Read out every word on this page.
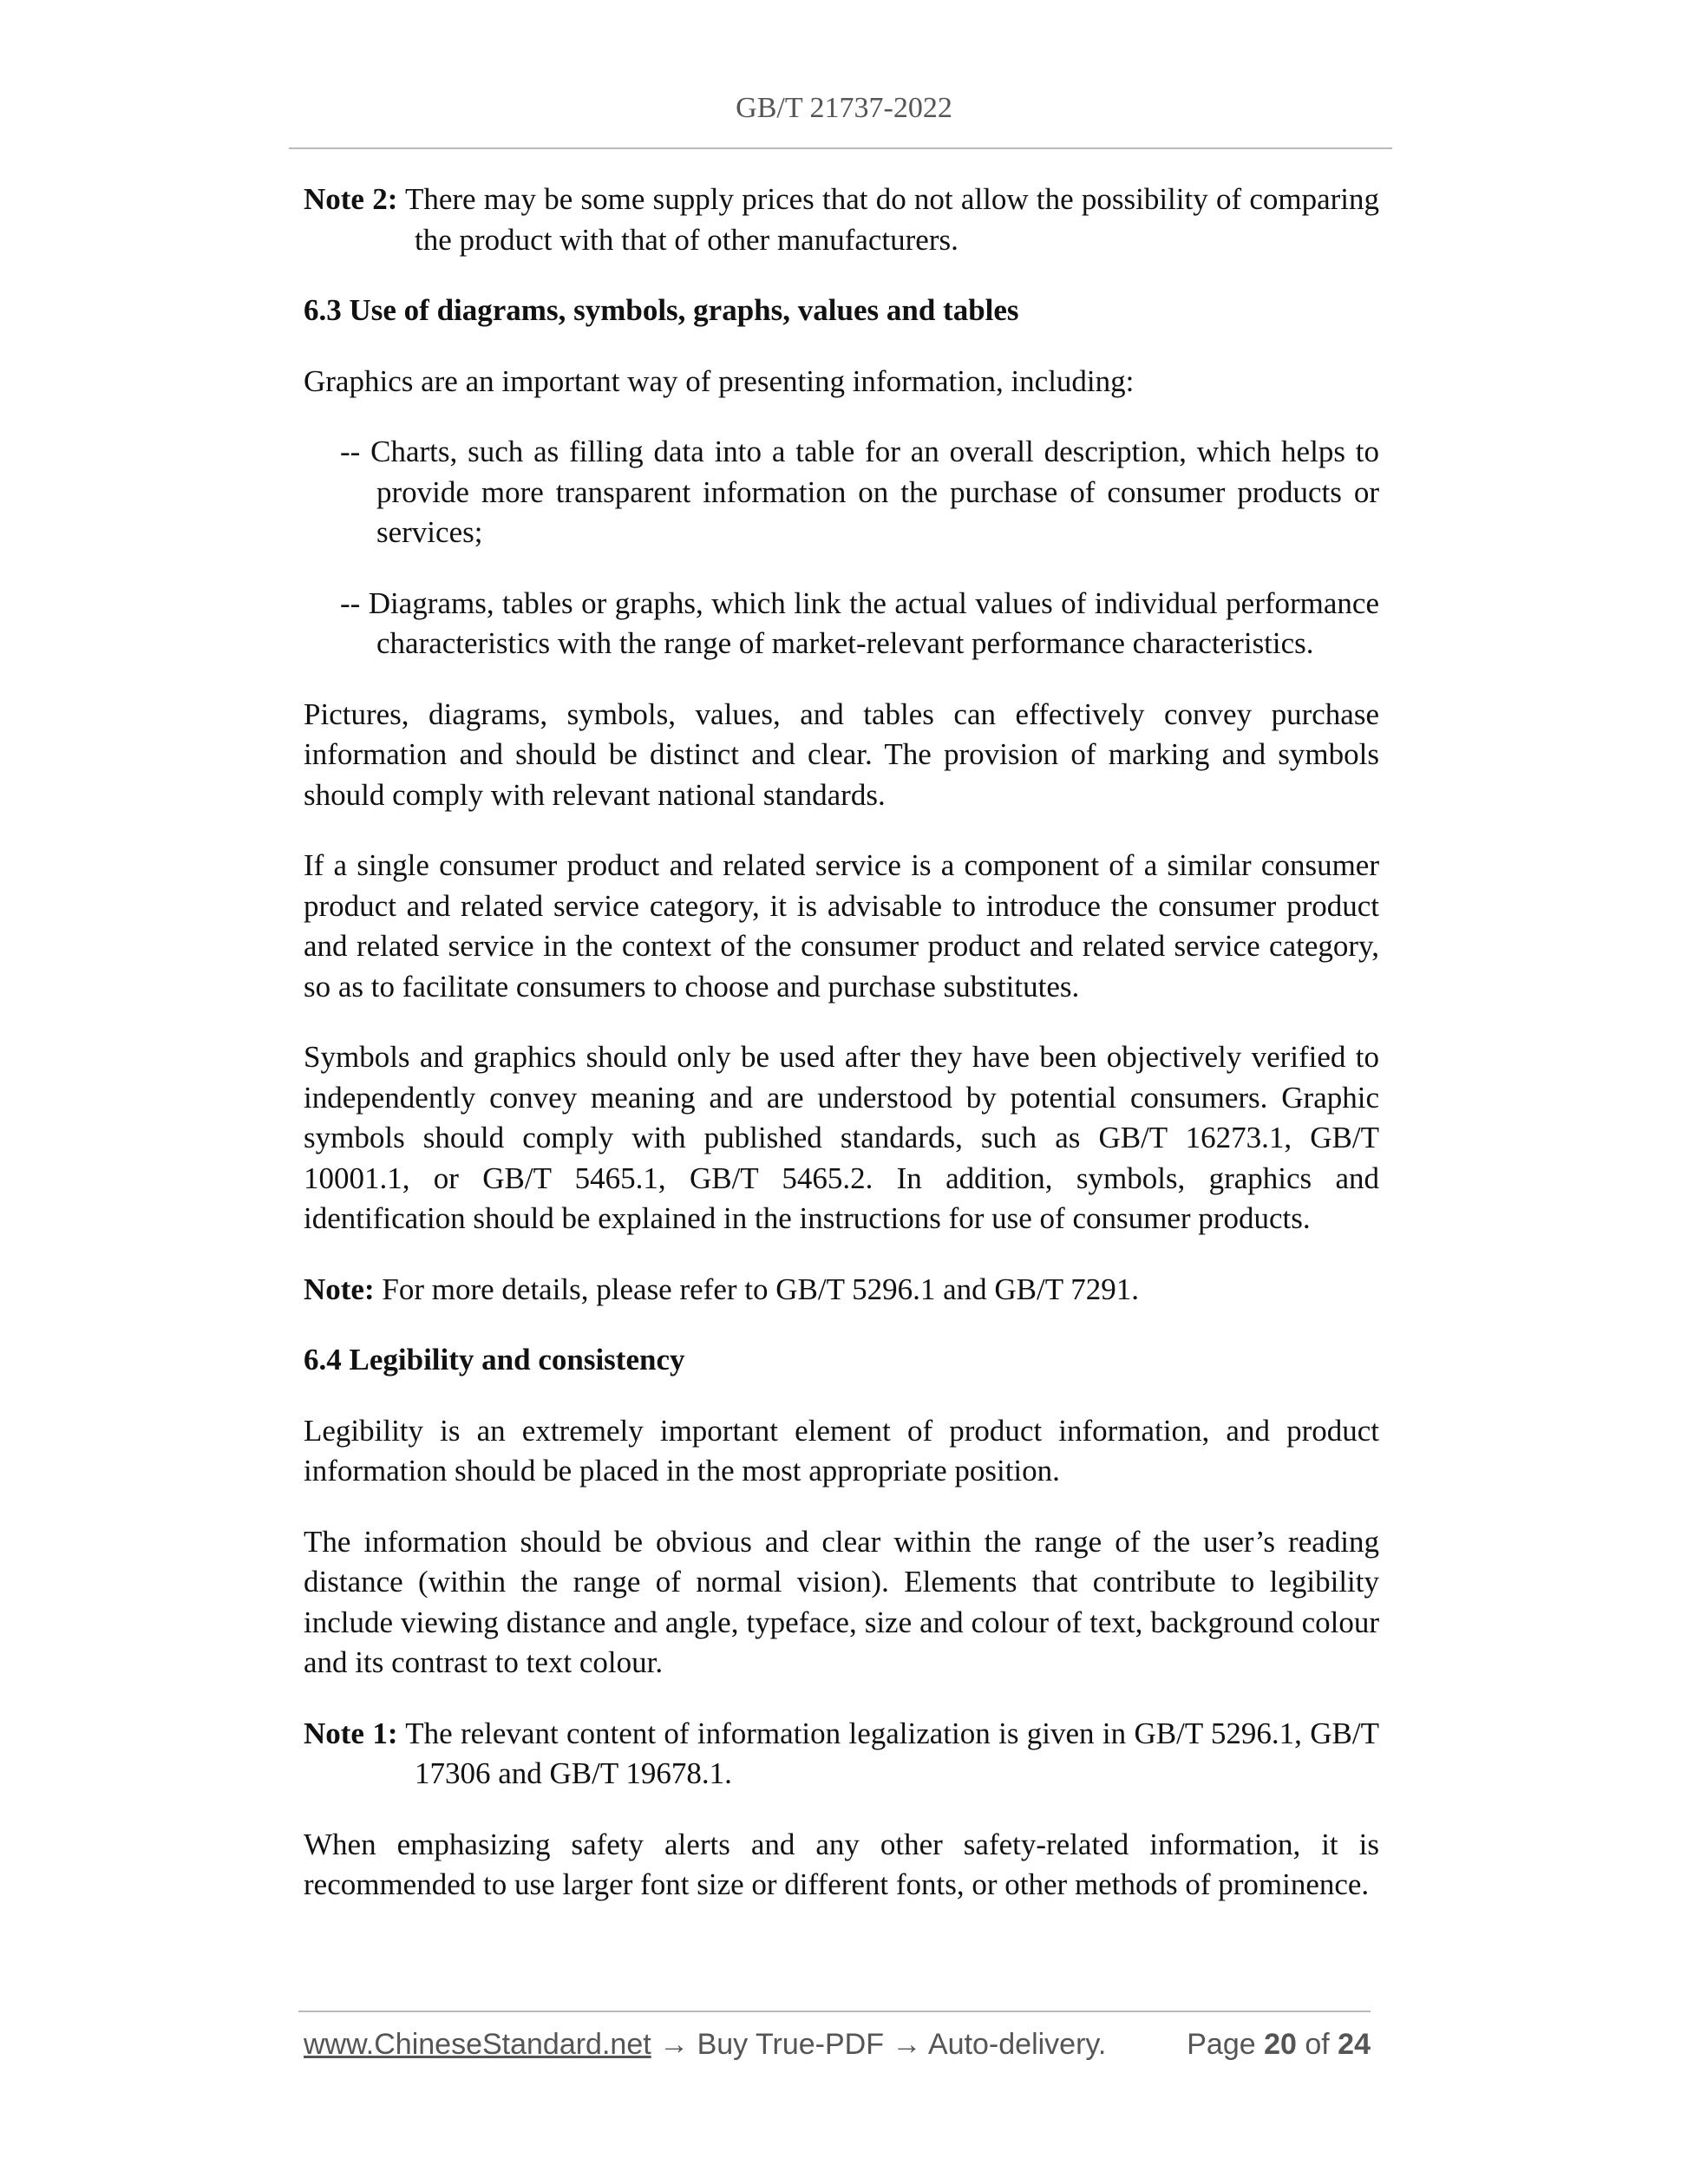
GB/T 21737-2022

Note 2: There may be some supply prices that do not allow the possibility of comparing the product with that of other manufacturers.

6.3 Use of diagrams, symbols, graphs, values and tables

Graphics are an important way of presenting information, including:

-- Charts, such as filling data into a table for an overall description, which helps to provide more transparent information on the purchase of consumer products or services;

-- Diagrams, tables or graphs, which link the actual values of individual performance characteristics with the range of market-relevant performance characteristics.

Pictures, diagrams, symbols, values, and tables can effectively convey purchase information and should be distinct and clear. The provision of marking and symbols should comply with relevant national standards.

If a single consumer product and related service is a component of a similar consumer product and related service category, it is advisable to introduce the consumer product and related service in the context of the consumer product and related service category, so as to facilitate consumers to choose and purchase substitutes.

Symbols and graphics should only be used after they have been objectively verified to independently convey meaning and are understood by potential consumers. Graphic symbols should comply with published standards, such as GB/T 16273.1, GB/T 10001.1, or GB/T 5465.1, GB/T 5465.2. In addition, symbols, graphics and identification should be explained in the instructions for use of consumer products.

Note: For more details, please refer to GB/T 5296.1 and GB/T 7291.

6.4 Legibility and consistency

Legibility is an extremely important element of product information, and product information should be placed in the most appropriate position.

The information should be obvious and clear within the range of the user’s reading distance (within the range of normal vision). Elements that contribute to legibility include viewing distance and angle, typeface, size and colour of text, background colour and its contrast to text colour.

Note 1: The relevant content of information legalization is given in GB/T 5296.1, GB/T 17306 and GB/T 19678.1.

When emphasizing safety alerts and any other safety-related information, it is recommended to use larger font size or different fonts, or other methods of prominence.

www.ChineseStandard.net → Buy True-PDF → Auto-delivery.	Page 20 of 24
